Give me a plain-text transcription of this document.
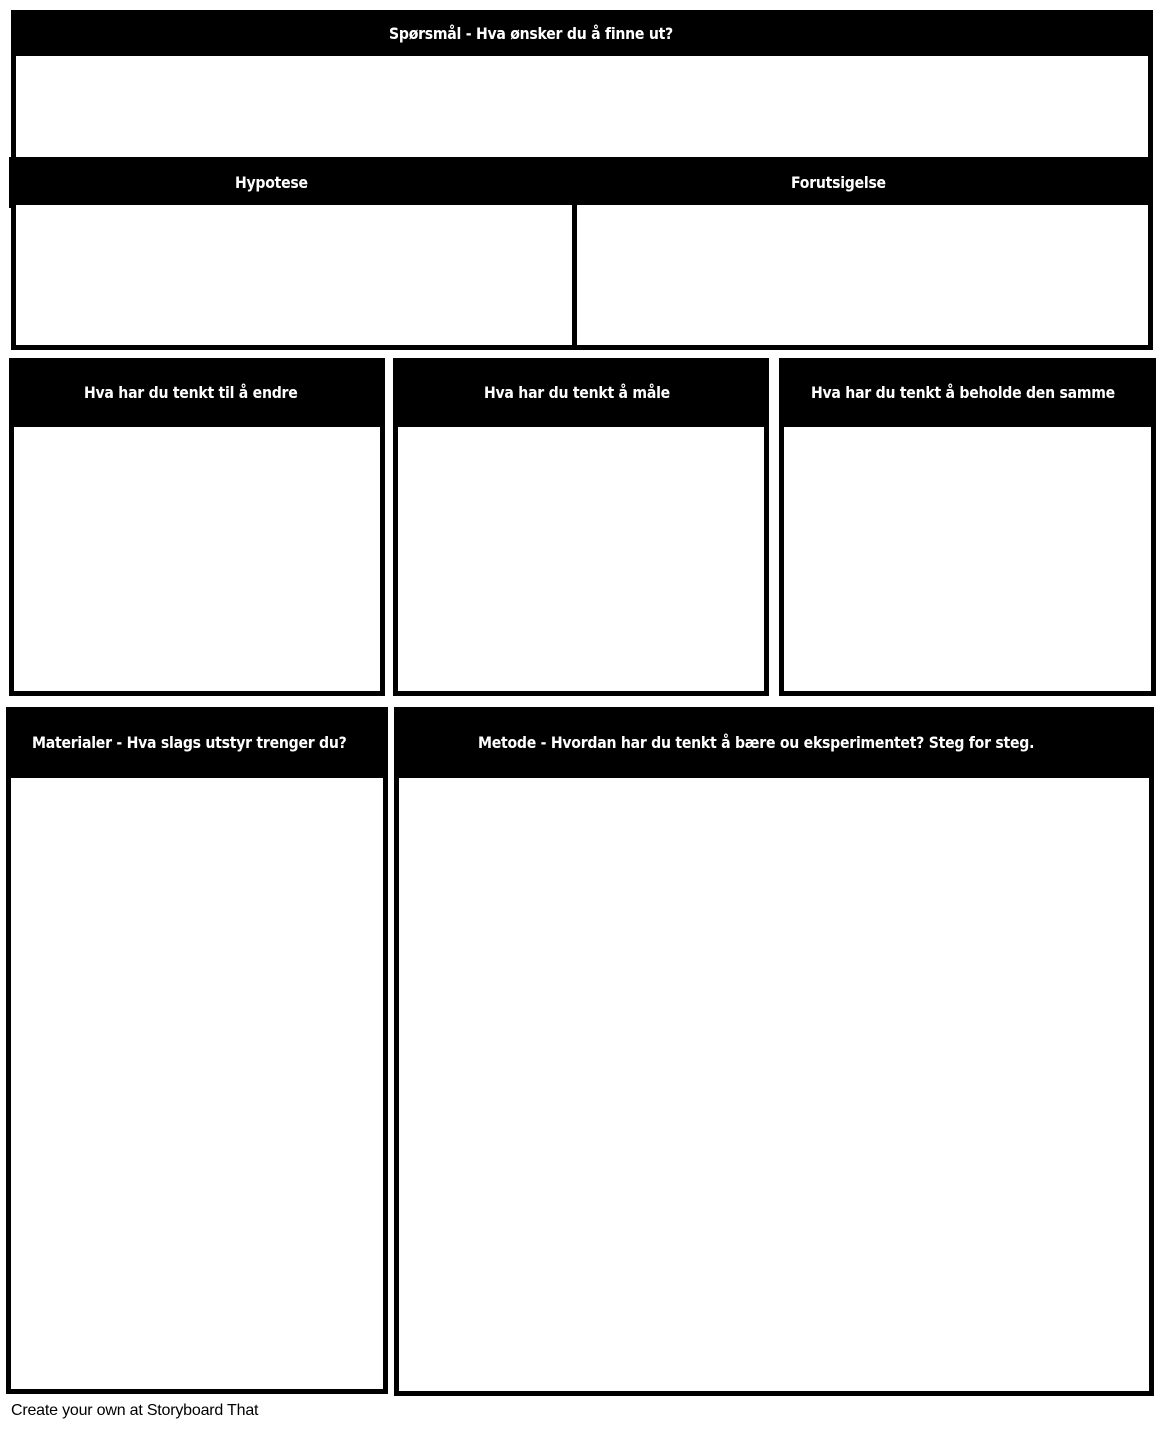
Spørsmål - Hva ønsker du å finne ut?
Hypotese	Forutsigelse
Hva har du tenkt til å endre	Hva har du tenkt å måle	Hva har du tenkt å beholde den samme
Materialer - Hva slags utstyr trenger du?	Metode - Hvordan har du tenkt å bære ou eksperimentet? Steg for steg.
Create your own at Storyboard That
